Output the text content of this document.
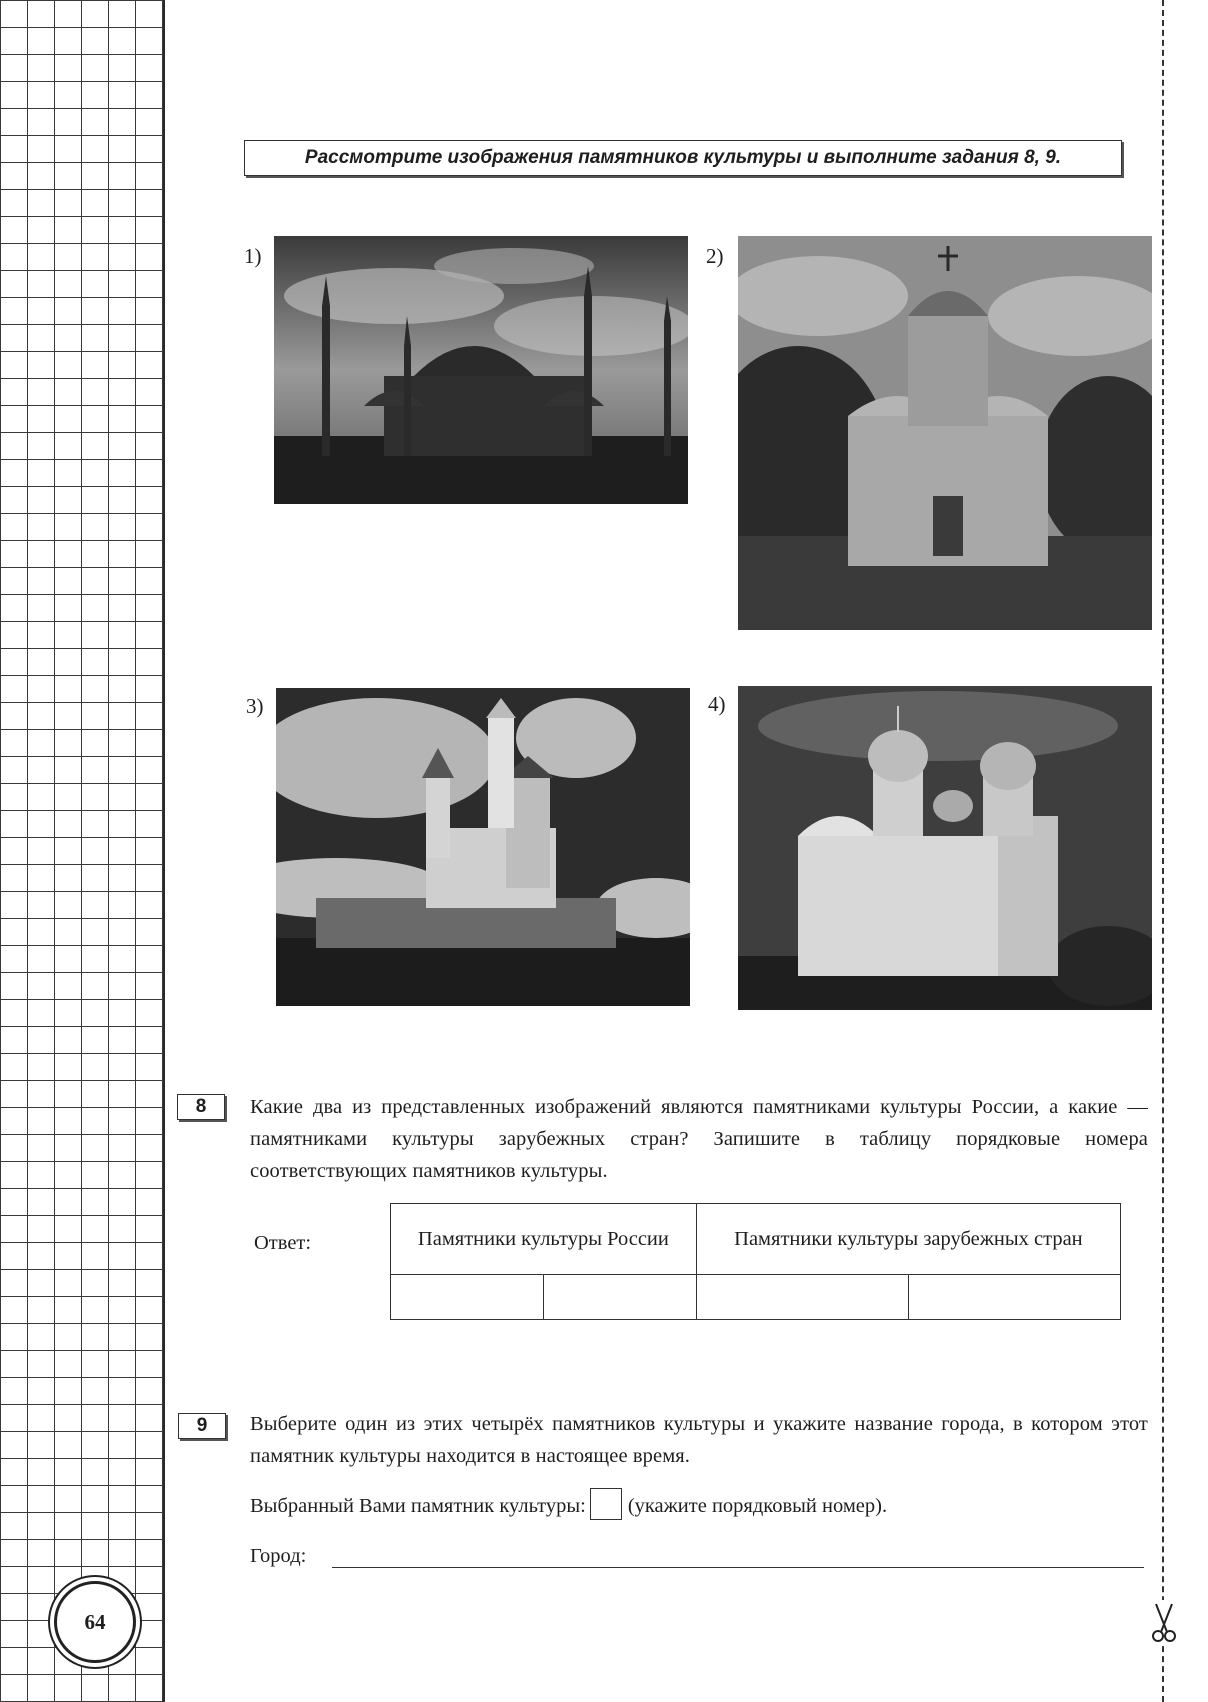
64
Рассмотрите изображения памятников культуры и выполните задания 8, 9.
1)	2)
3)	4)
8	Какие два из представленных изображений являются памятниками культуры России, а какие — памятниками культуры зарубежных стран? Запишите в таблицу порядковые номера соответствующих памятников культуры.
Ответ:	Памятники культуры России		Памятники культуры зарубежных стран	

9	Выберите один из этих четырёх памятников культуры и укажите название города, в котором этот памятник культуры находится в настоящее время.
Выбранный Вами памятник культуры: (укажите порядковый номер).
Город:
